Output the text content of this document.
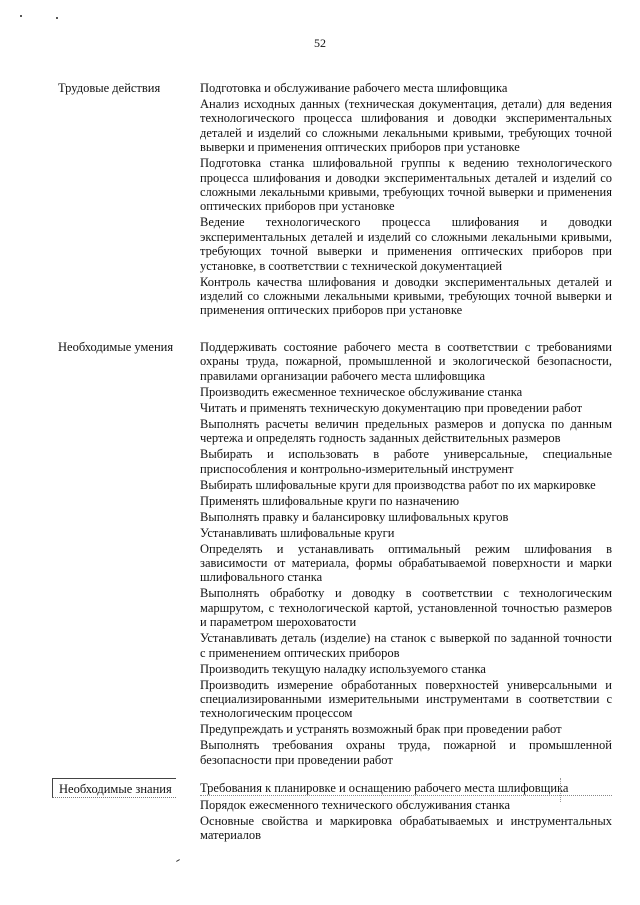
52
Трудовые действия	Подготовка и обслуживание рабочего места шлифовщика

Анализ исходных данных (техническая документация, детали) для ведения технологического процесса шлифования и доводки экспериментальных деталей и изделий со сложными лекальными кривыми, требующих точной выверки и применения оптических приборов при установке

Подготовка станка шлифовальной группы к ведению технологического процесса шлифования и доводки экспериментальных деталей и изделий со сложными лекальными кривыми, требующих точной выверки и применения оптических приборов при установке

Ведение технологического процесса шлифования и доводки экспериментальных деталей и изделий со сложными лекальными кривыми, требующих точной выверки и применения оптических приборов при установке, в соответствии с технической документацией

Контроль качества шлифования и доводки экспериментальных деталей и изделий со сложными лекальными кривыми, требующих точной выверки и применения оптических приборов при установке

Необходимые умения	Поддерживать состояние рабочего места в соответствии с требованиями охраны труда, пожарной, промышленной и экологической безопасности, правилами организации рабочего места шлифовщика

Производить ежесменное техническое обслуживание станка

Читать и применять техническую документацию при проведении работ

Выполнять расчеты величин предельных размеров и допуска по данным чертежа и определять годность заданных действительных размеров

Выбирать и использовать в работе универсальные, специальные приспособления и контрольно-измерительный инструмент

Выбирать шлифовальные круги для производства работ по их маркировке

Применять шлифовальные круги по назначению

Выполнять правку и балансировку шлифовальных кругов

Устанавливать шлифовальные круги

Определять и устанавливать оптимальный режим шлифования в зависимости от материала, формы обрабатываемой поверхности и марки шлифовального станка

Выполнять обработку и доводку в соответствии с технологическим маршрутом, с технологической картой, установленной точностью размеров и параметром шероховатости

Устанавливать деталь (изделие) на станок с выверкой по заданной точности с применением оптических приборов

Производить текущую наладку используемого станка

Производить измерение обработанных поверхностей универсальными и специализированными измерительными инструментами в соответствии с технологическим процессом

Предупреждать и устранять возможный брак при проведении работ

Выполнять требования охраны труда, пожарной и промышленной безопасности при проведении работ

Необходимые знания	Требования к планировке и оснащению рабочего места шлифовщика

Порядок ежесменного технического обслуживания станка

Основные свойства и маркировка обрабатываемых и инструментальных материалов
